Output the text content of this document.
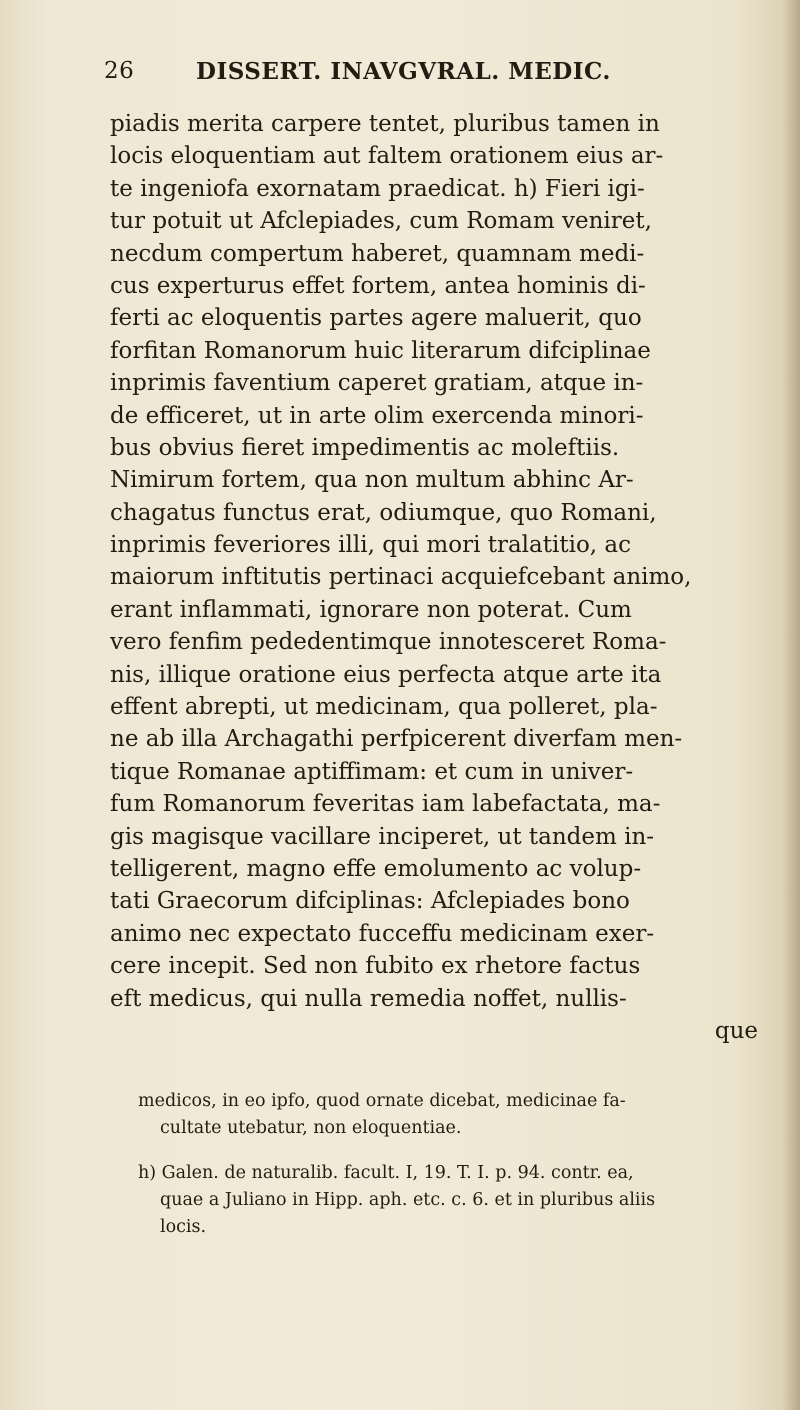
26	DISSERT. INAVGVRAL. MEDIC.
piadis merita carpere tentet, pluribus tamen in
locis eloquentiam aut faltem orationem eius ar-
te ingeniofa exornatam praedicat. h) Fieri igi-
tur potuit ut Afclepiades, cum Romam veniret,
necdum compertum haberet, quamnam medi-
cus experturus effet fortem, antea hominis di-
ferti ac eloquentis partes agere maluerit, quo
forfitan Romanorum huic literarum difciplinae
inprimis faventium caperet gratiam, atque in-
de efficeret, ut in arte olim exercenda minori-
bus obvius fieret impedimentis ac moleftiis.
Nimirum fortem, qua non multum abhinc Ar-
chagatus functus erat, odiumque, quo Romani,
inprimis feveriores illi, qui mori tralatitio, ac
maiorum inftitutis pertinaci acquiefcebant animo,
erant inflammati, ignorare non poterat. Cum
vero fenfim pededentimque innotesceret Roma-
nis, illique oratione eius perfecta atque arte ita
effent abrepti, ut medicinam, qua polleret, pla-
ne ab illa Archagathi perfpicerent diverfam men-
tique Romanae aptiffimam: et cum in univer-
fum Romanorum feveritas iam labefactata, ma-
gis magisque vacillare inciperet, ut tandem in-
telligerent, magno effe emolumento ac volup-
tati Graecorum difciplinas: Afclepiades bono
animo nec expectato fucceffu medicinam exer-
cere incepit. Sed non fubito ex rhetore factus
eft medicus, qui nulla remedia noffet, nullis-
que
medicos, in eo ipfo, quod ornate dicebat, medicinae fa-
cultate utebatur, non eloquentiae.
h) Galen. de naturalib. facult. I, 19. T. I. p. 94. contr. ea,
quae a Juliano in Hipp. aph. etc. c. 6. et in pluribus aliis
locis.
